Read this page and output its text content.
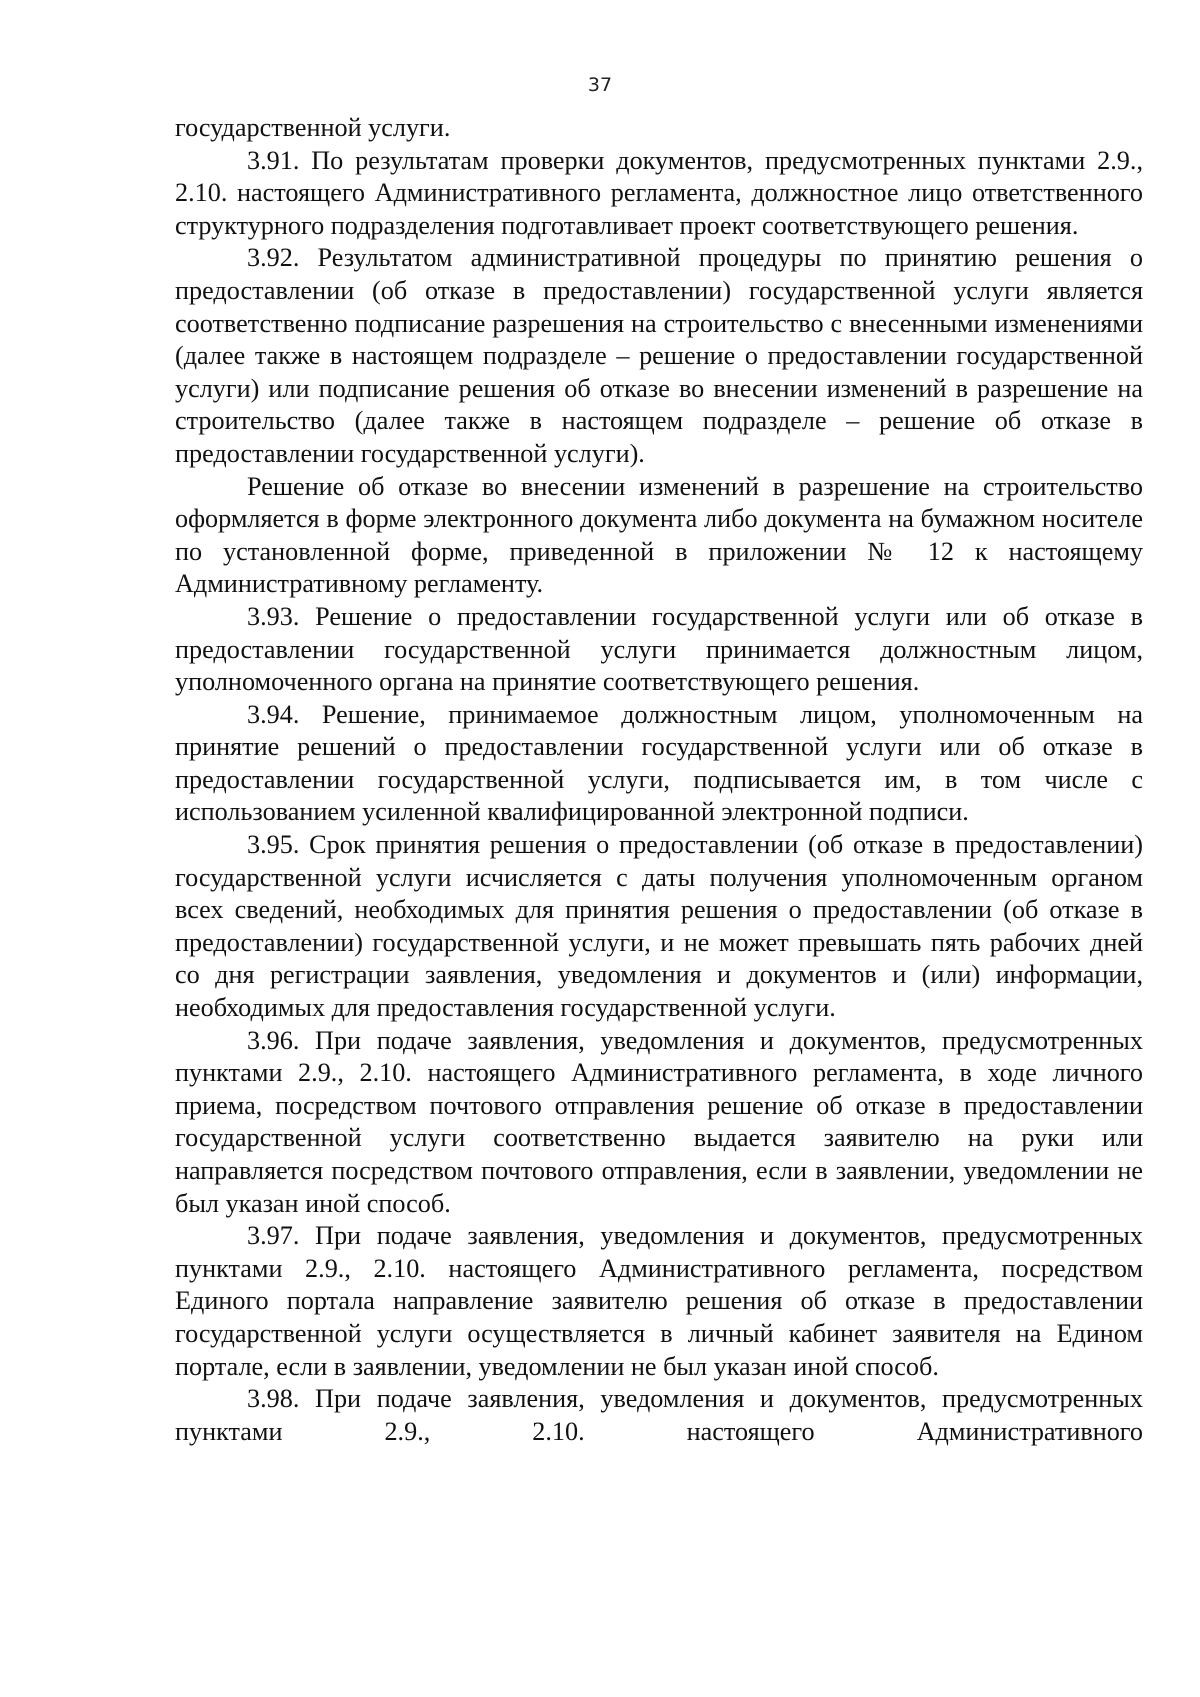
37

государственной услуги.

3.91. По результатам проверки документов, предусмотренных пунктами 2.9., 2.10. настоящего Административного регламента, должностное лицо ответственного структурного подразделения подготавливает проект соответствующего решения.

3.92. Результатом административной процедуры по принятию решения о предоставлении (об отказе в предоставлении) государственной услуги является соответственно подписание разрешения на строительство с внесенными изменениями (далее также в настоящем подразделе – решение о предоставлении государственной услуги) или подписание решения об отказе во внесении изменений в разрешение на строительство (далее также в настоящем подразделе – решение об отказе в предоставлении государственной услуги).

Решение об отказе во внесении изменений в разрешение на строительство оформляется в форме электронного документа либо документа на бумажном носителе по установленной форме, приведенной в приложении № 12 к настоящему Административному регламенту.

3.93. Решение о предоставлении государственной услуги или об отказе в предоставлении государственной услуги принимается должностным лицом, уполномоченного органа на принятие соответствующего решения.

3.94. Решение, принимаемое должностным лицом, уполномоченным на принятие решений о предоставлении государственной услуги или об отказе в предоставлении государственной услуги, подписывается им, в том числе с использованием усиленной квалифицированной электронной подписи.

3.95. Срок принятия решения о предоставлении (об отказе в предоставлении) государственной услуги исчисляется с даты получения уполномоченным органом всех сведений, необходимых для принятия решения о предоставлении (об отказе в предоставлении) государственной услуги, и не может превышать пять рабочих дней со дня регистрации заявления, уведомления и документов и (или) информации, необходимых для предоставления государственной услуги.

3.96. При подаче заявления, уведомления и документов, предусмотренных пунктами 2.9., 2.10. настоящего Административного регламента, в ходе личного приема, посредством почтового отправления решение об отказе в предоставлении государственной услуги соответственно выдается заявителю на руки или направляется посредством почтового отправления, если в заявлении, уведомлении не был указан иной способ.

3.97. При подаче заявления, уведомления и документов, предусмотренных пунктами 2.9., 2.10. настоящего Административного регламента, посредством Единого портала направление заявителю решения об отказе в предоставлении государственной услуги осуществляется в личный кабинет заявителя на Едином портале, если в заявлении, уведомлении не был указан иной способ.

3.98. При подаче заявления, уведомления и документов, предусмотренных пунктами 2.9., 2.10. настоящего Административного
